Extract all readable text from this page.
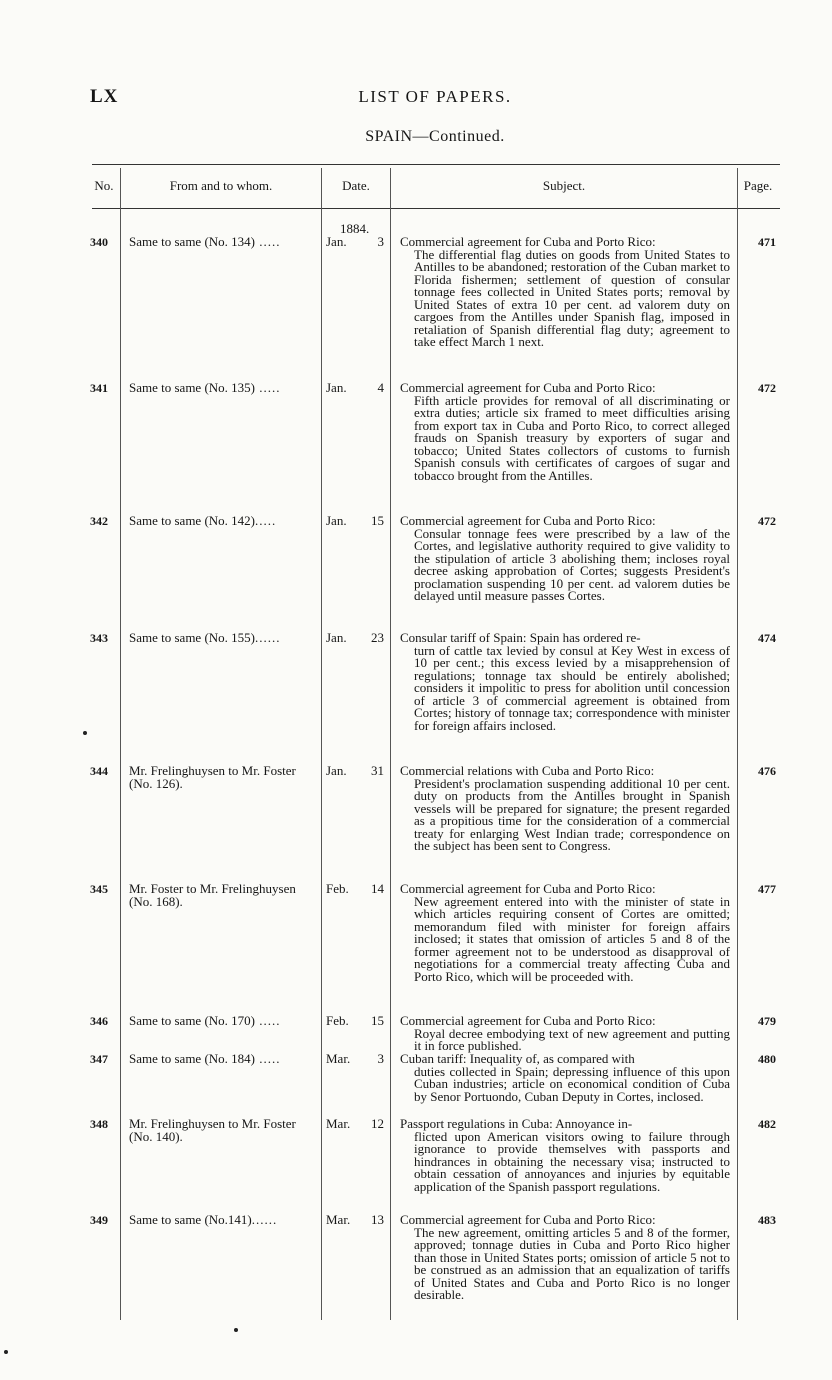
LX	LIST OF PAPERS.
SPAIN—Continued.
No.	From and to whom.	Date.	Subject.	Page.
1884.
340	Same to same (No. 134) .....	Jan. 3 Commercial agreement for Cuba and Porto Rico:
The differential flag duties on goods from United States to Antilles to be abandoned; restoration of the Cuban market to Florida fishermen; settlement of question of consular tonnage fees collected in United States ports; removal by United States of extra 10 per cent. ad valorem duty on cargoes from the Antilles under Spanish flag, imposed in retaliation of Spanish differential flag duty; agreement to take effect March 1 next.
471
341	Same to same (No. 135) .....	Jan. 4 Commercial agreement for Cuba and Porto Rico:
Fifth article provides for removal of all discriminating or extra duties; article six framed to meet difficulties arising from export tax in Cuba and Porto Rico, to correct alleged frauds on Spanish treasury by exporters of sugar and tobacco; United States collectors of customs to furnish Spanish consuls with certificates of cargoes of sugar and tobacco brought from the Antilles.
472
342	Same to same (No. 142).....	Jan. 15 Commercial agreement for Cuba and Porto Rico:
Consular tonnage fees were prescribed by a law of the Cortes, and legislative authority required to give validity to the stipulation of article 3 abolishing them; incloses royal decree asking approbation of Cortes; suggests President's proclamation suspending 10 per cent. ad valorem duties be delayed until measure passes Cortes.
472
343	Same to same (No. 155)......	Jan. 23 Consular tariff of Spain: Spain has ordered re-
turn of cattle tax levied by consul at Key West in excess of 10 per cent.; this excess levied by a misapprehension of regulations; tonnage tax should be entirely abolished; considers it impolitic to press for abolition until concession of article 3 of commercial agreement is obtained from Cortes; history of tonnage tax; correspondence with minister for foreign affairs inclosed.
474
344	Mr. Frelinghuysen to Mr. Foster (No. 126).
Jan. 31 Commercial relations with Cuba and Porto Rico:
President's proclamation suspending additional 10 per cent. duty on products from the Antilles brought in Spanish vessels will be prepared for signature; the present regarded as a propitious time for the consideration of a commercial treaty for enlarging West Indian trade; correspondence on the subject has been sent to Congress.
476
345	Mr. Foster to Mr. Frelinghuysen (No. 168).
Feb. 14 Commercial agreement for Cuba and Porto Rico:
New agreement entered into with the minister of state in which articles requiring consent of Cortes are omitted; memorandum filed with minister for foreign affairs inclosed; it states that omission of articles 5 and 8 of the former agreement not to be understood as disapproval of negotiations for a commercial treaty affecting Cuba and Porto Rico, which will be proceeded with.
477
346	Same to same (No. 170) .....	Feb. 15 Commercial agreement for Cuba and Porto Rico:
Royal decree embodying text of new agreement and putting it in force published.
479
347	Same to same (No. 184) .....	Mar. 3 Cuban tariff: Inequality of, as compared with
duties collected in Spain; depressing influence of this upon Cuban industries; article on economical condition of Cuba by Senor Portuondo, Cuban Deputy in Cortes, inclosed.
480
348	Mr. Frelinghuysen to Mr. Foster (No. 140).
Mar. 12 Passport regulations in Cuba: Annoyance in-
flicted upon American visitors owing to failure through ignorance to provide themselves with passports and hindrances in obtaining the necessary visa; instructed to obtain cessation of annoyances and injuries by equitable application of the Spanish passport regulations.
482
349	Same to same (No.141)......	Mar. 13 Commercial agreement for Cuba and Porto Rico:
The new agreement, omitting articles 5 and 8 of the former, approved; tonnage duties in Cuba and Porto Rico higher than those in United States ports; omission of article 5 not to be construed as an admission that an equalization of tariffs of United States and Cuba and Porto Rico is no longer desirable.
483
